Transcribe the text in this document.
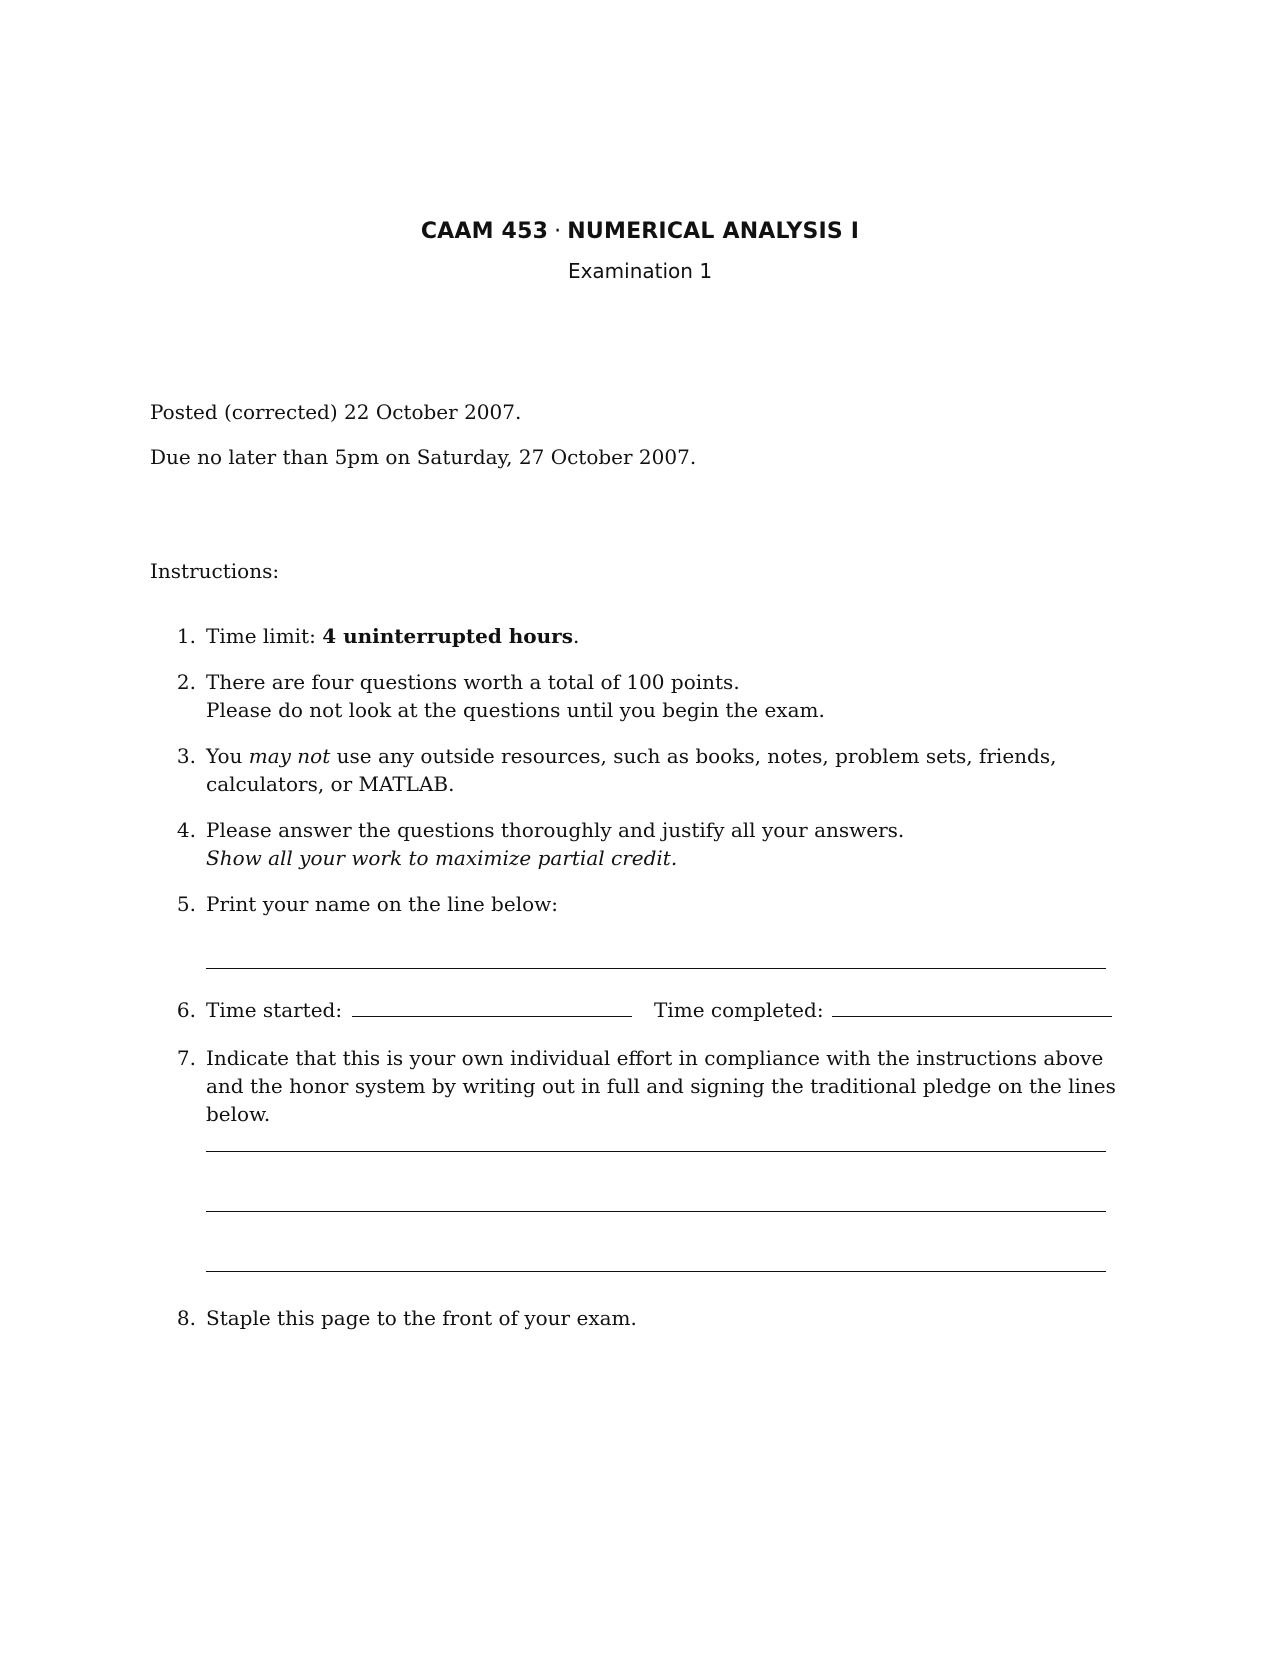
CAAM 453 · NUMERICAL ANALYSIS I
Examination 1
Posted (corrected) 22 October 2007.
Due no later than 5pm on Saturday, 27 October 2007.
Instructions:
1. Time limit: 4 uninterrupted hours.
2. There are four questions worth a total of 100 points.
Please do not look at the questions until you begin the exam.
3. You may not use any outside resources, such as books, notes, problem sets, friends, calculators, or MATLAB.
4. Please answer the questions thoroughly and justify all your answers.
Show all your work to maximize partial credit.
5. Print your name on the line below:
6. Time started:	Time completed:
7. Indicate that this is your own individual effort in compliance with the instructions above and the honor system by writing out in full and signing the traditional pledge on the lines below.
8. Staple this page to the front of your exam.
